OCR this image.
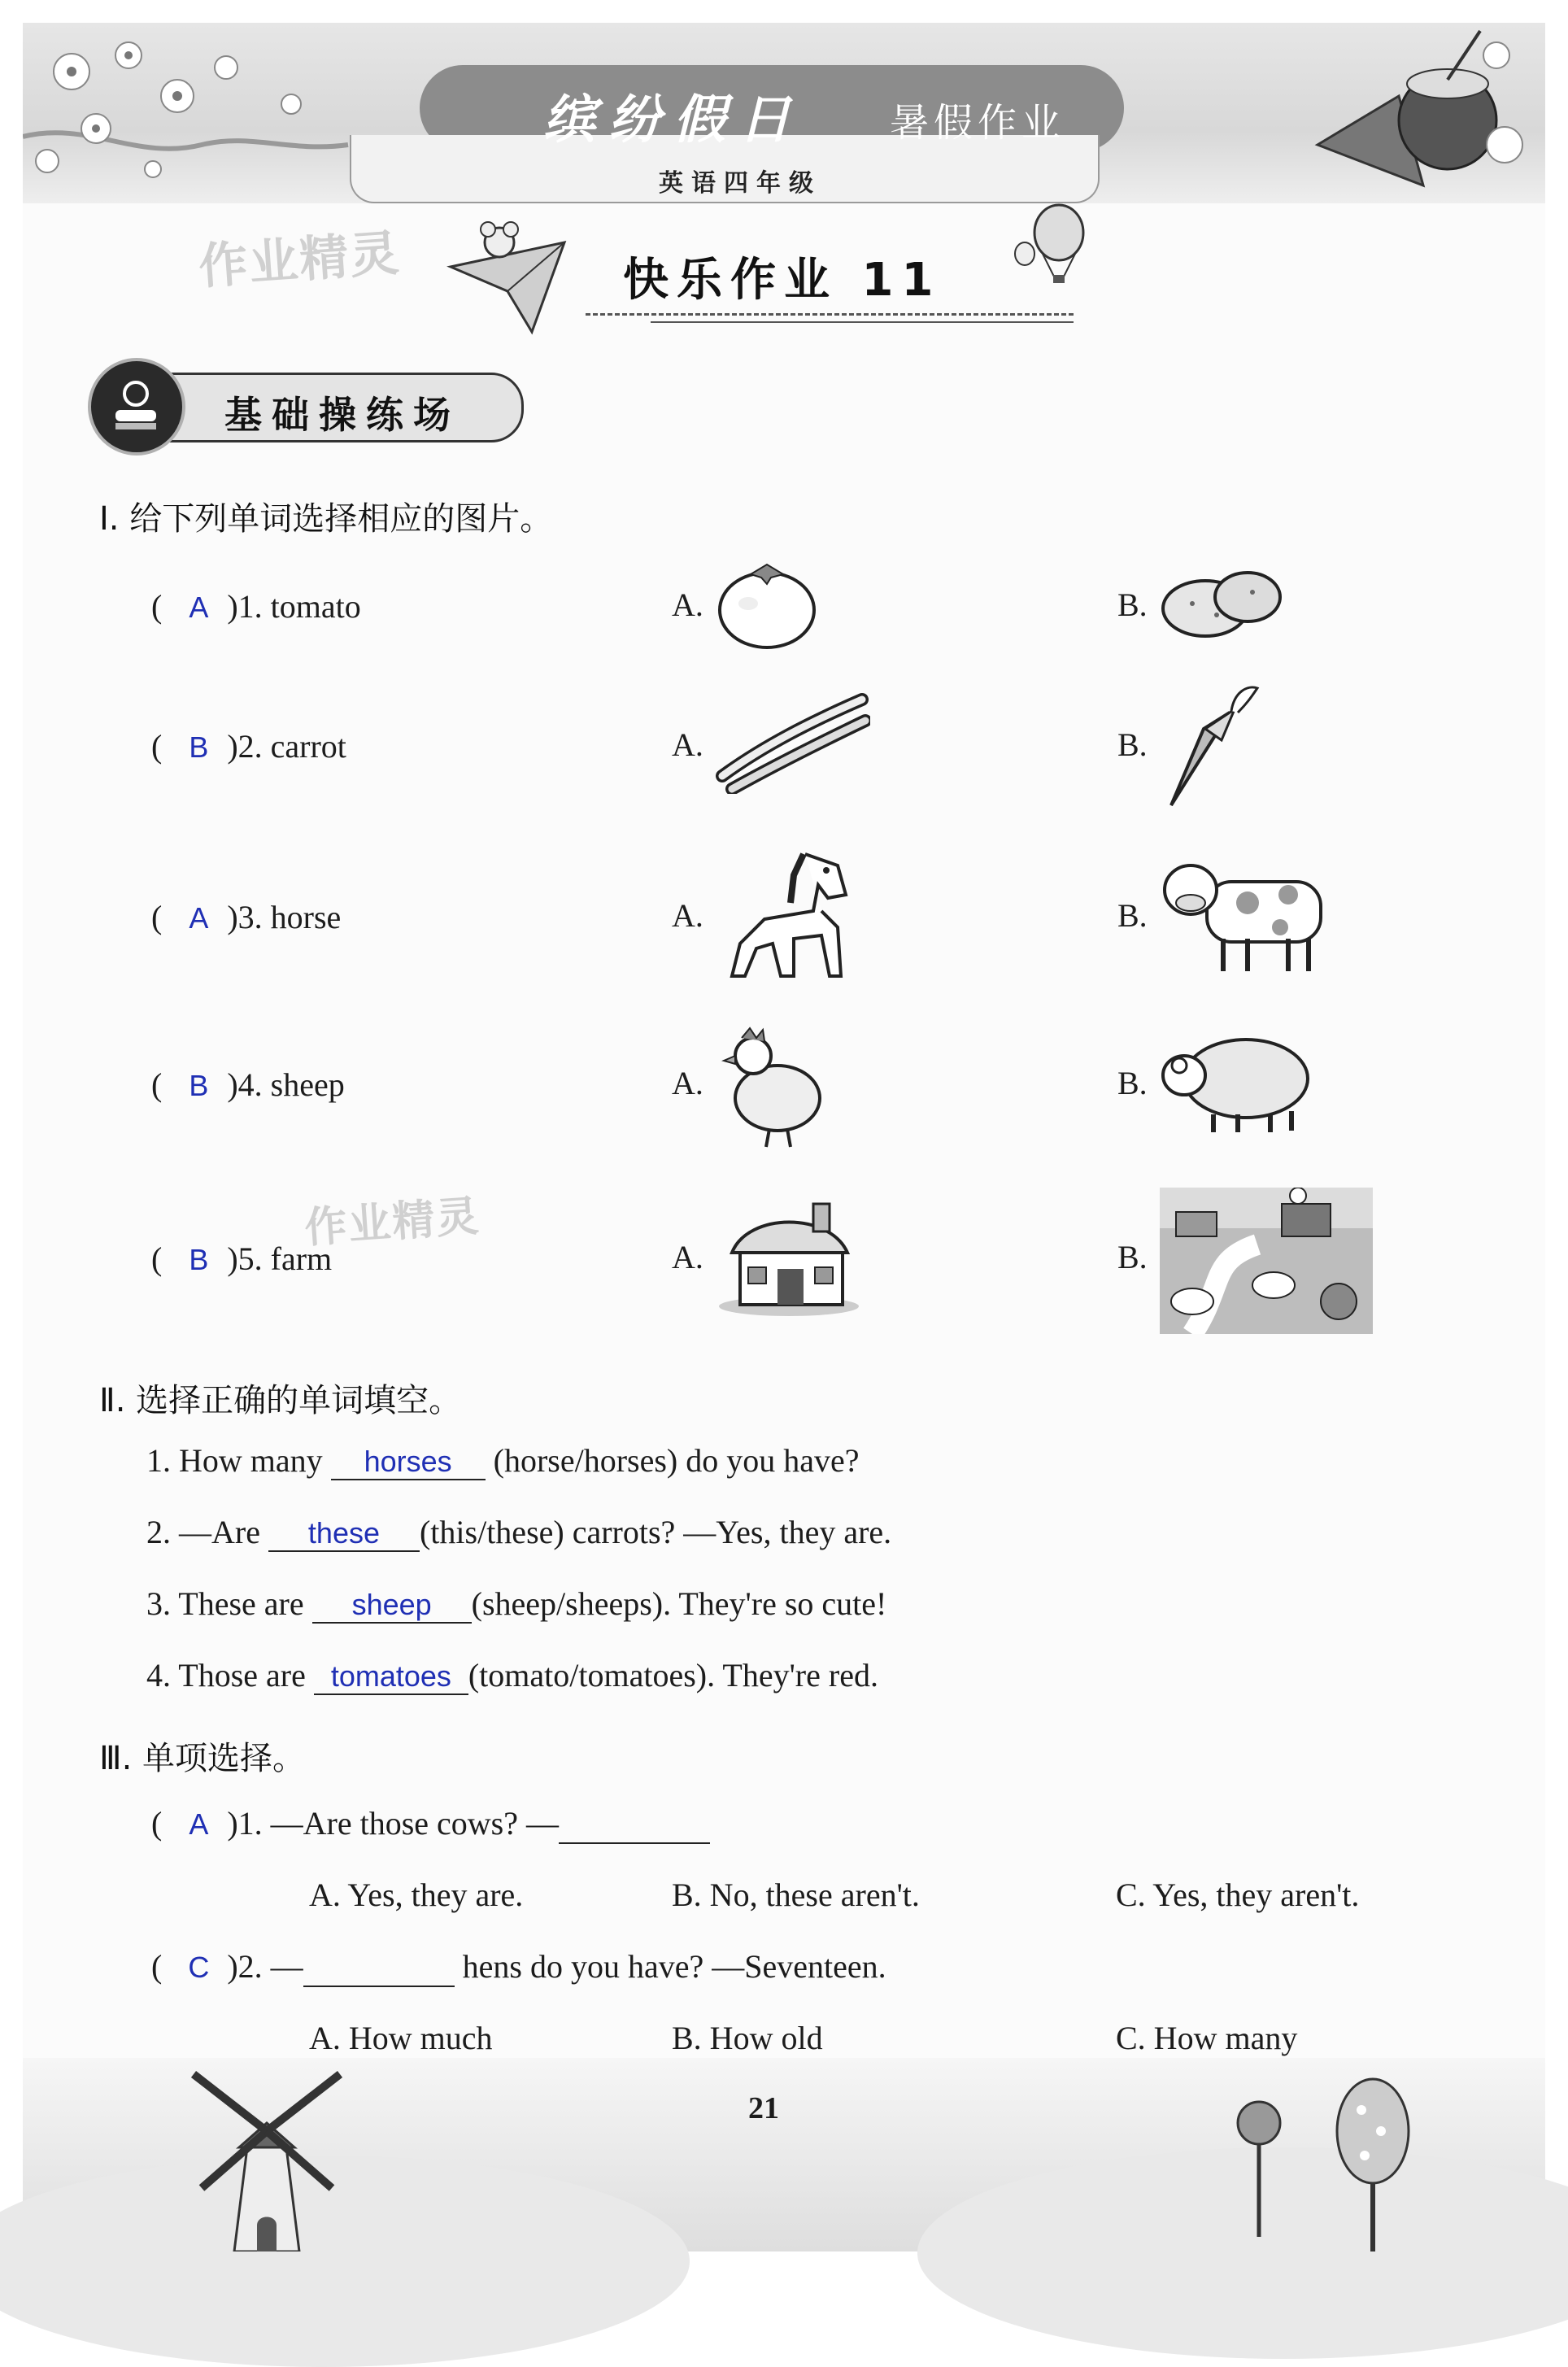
缤纷假日 暑假作业
英语四年级
作业精灵
作业精灵
快乐作业 11
基础操练场
Ⅰ. 给下列单词选择相应的图片。
( A )1. tomato	A.	B.
( B )2. carrot	A.	B.
( A )3. horse	A.	B.
( B )4. sheep	A.	B.
( B )5. farm	A.	B.
Ⅱ. 选择正确的单词填空。
1. How many horses (horse/horses) do you have?
2. —Are these (this/these) carrots? —Yes, they are.
3. These are sheep (sheep/sheeps). They're so cute!
4. Those are tomatoes (tomato/tomatoes). They're red.
Ⅲ. 单项选择。
( A )1. —Are those cows? —
A. Yes, they are.	B. No, these aren't.	C. Yes, they aren't.
( C )2. —	hens do you have? —Seventeen.
A. How much	B. How old	C. How many
21
